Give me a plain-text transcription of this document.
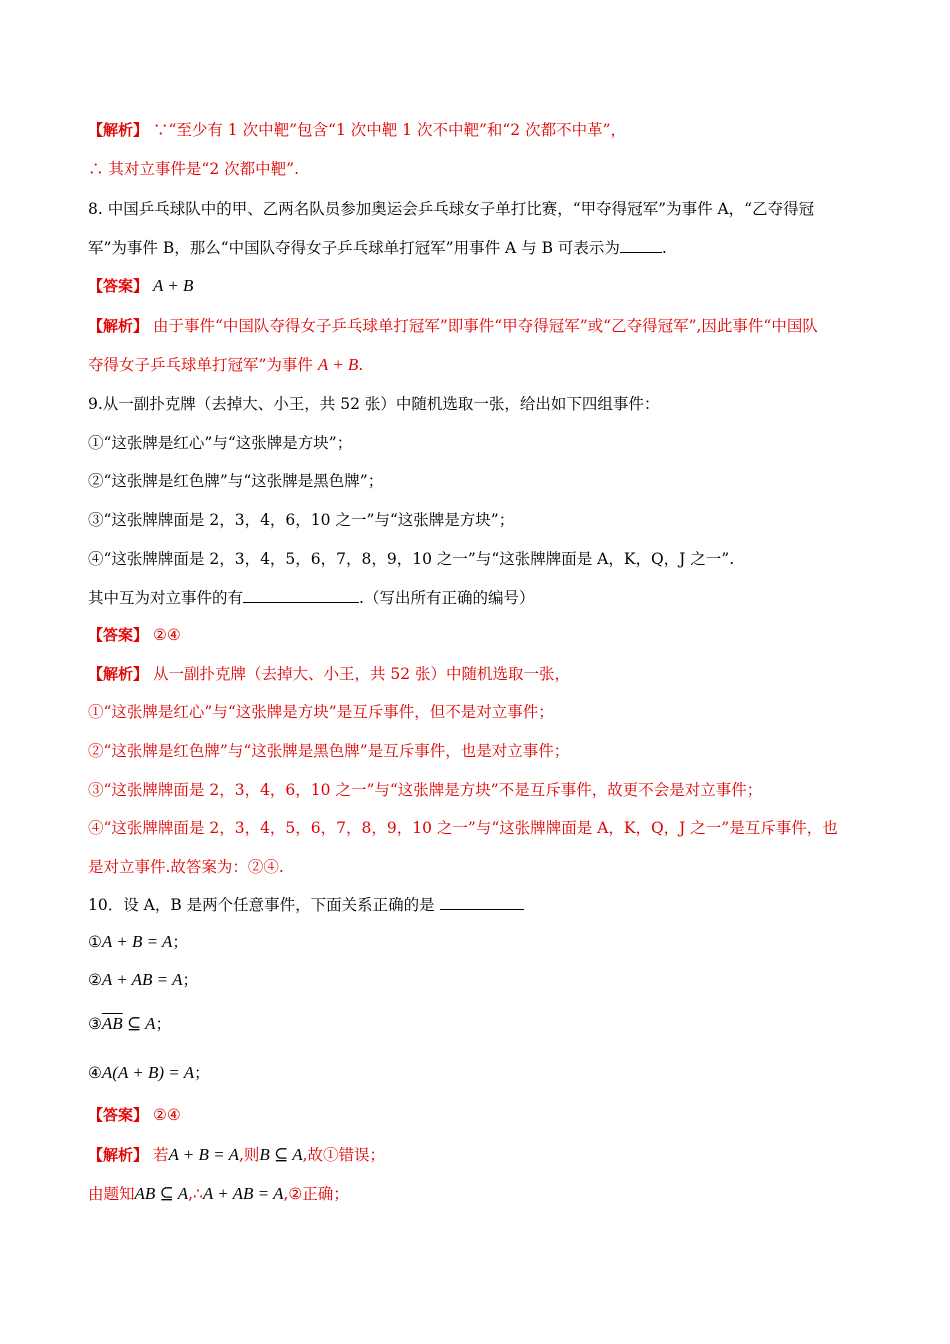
【解析】 ∵“至少有 1 次中靶”包含“1 次中靶 1 次不中靶”和“2 次都不中革”，
∴ 其对立事件是“2 次都中靶”.
8. 中国乒乓球队中的甲、乙两名队员参加奥运会乒乓球女子单打比赛，“甲夺得冠军”为事件 A，“乙夺得冠
军”为事件 B，那么“中国队夺得女子乒乓球单打冠军”用事件 A 与 B 可表示为	.
【答案】 A + B
【解析】 由于事件“中国队夺得女子乒乓球单打冠军”即事件“甲夺得冠军”或“乙夺得冠军”,因此事件“中国队
夺得女子乒乓球单打冠军”为事件 A + B.
9.从一副扑克牌（去掉大、小王，共 52 张）中随机选取一张，给出如下四组事件：
①“这张牌是红心”与“这张牌是方块”；
②“这张牌是红色牌”与“这张牌是黑色牌”；
③“这张牌牌面是 2，3，4，6，10 之一”与“这张牌是方块”；
④“这张牌牌面是 2，3，4，5，6，7，8，9，10 之一”与“这张牌牌面是 A，K，Q，J 之一”.
其中互为对立事件的有	.（写出所有正确的编号）
【答案】 ②④
【解析】 从一副扑克牌（去掉大、小王，共 52 张）中随机选取一张，
①“这张牌是红心”与“这张牌是方块”是互斥事件，但不是对立事件；
②“这张牌是红色牌”与“这张牌是黑色牌”是互斥事件，也是对立事件；
③“这张牌牌面是 2，3，4，6，10 之一”与“这张牌是方块”不是互斥事件，故更不会是对立事件；
④“这张牌牌面是 2，3，4，5，6，7，8，9，10 之一”与“这张牌牌面是 A，K，Q，J 之一”是互斥事件，也
是对立事件.故答案为：②④.
10．设 A，B 是两个任意事件，下面关系正确的是
①A + B = A；
②A + AB = A；
$③\overline{AB}$ ⊆ A；
④A(A + B) = A；
【答案】 ②④
【解析】 若A + B = A,则B ⊆ A,故①错误；
由题知AB ⊆ A,∴A + AB = A,②正确；
